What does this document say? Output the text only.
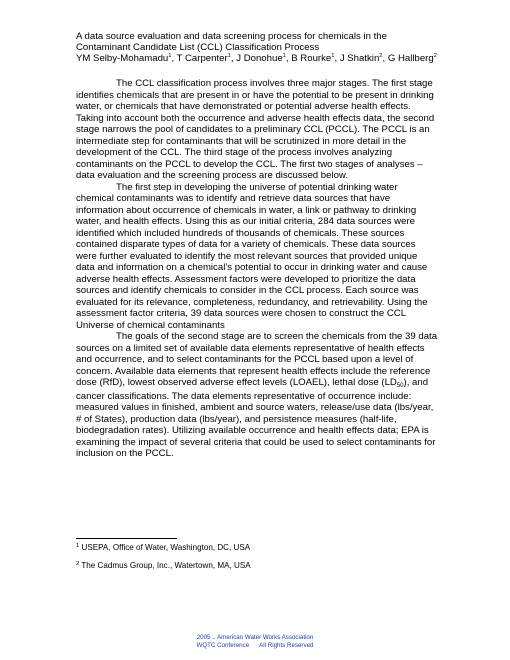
A data source evaluation and data screening process for chemicals in the
Contaminant Candidate List (CCL) Classification Process
YM Selby-Mohamadu$^1$, T Carpenter$^1$, J Donohue$^1$, B Rourke$^1$, J Shatkin$^2$, G Hallberg$^2$

The CCL classification process involves three major stages. The first stage identifies chemicals that are present in or have the potential to be present in drinking water, or chemicals that have demonstrated or potential adverse health effects. Taking into account both the occurrence and adverse health effects data, the second stage narrows the pool of candidates to a preliminary CCL (PCCL). The PCCL is an intermediate step for contaminants that will be scrutinized in more detail in the development of the CCL. The third stage of the process involves analyzing contaminants on the PCCL to develop the CCL. The first two stages of analyses – data evaluation and the screening process are discussed below.

The first step in developing the universe of potential drinking water chemical contaminants was to identify and retrieve data sources that have information about occurrence of chemicals in water, a link or pathway to drinking water, and health effects. Using this as our initial criteria, 284 data sources were identified which included hundreds of thousands of chemicals. These sources contained disparate types of data for a variety of chemicals. These data sources were further evaluated to identify the most relevant sources that provided unique data and information on a chemical’s potential to occur in drinking water and cause adverse health effects. Assessment factors were developed to prioritize the data sources and identify chemicals to consider in the CCL process. Each source was evaluated for its relevance, completeness, redundancy, and retrievability. Using the assessment factor criteria, 39 data sources were chosen to construct the CCL Universe of chemical contaminants

The goals of the second stage are to screen the chemicals from the 39 data sources on a limited set of available data elements representative of health effects and occurrence, and to select contaminants for the PCCL based upon a level of concern. Available data elements that represent health effects include the reference dose (RfD), lowest observed adverse effect levels (LOAEL), lethal dose $(LD_{50})$, and cancer classifications. The data elements representative of occurrence include: measured values in finished, ambient and source waters, release/use data (lbs/year, # of States), production data (lbs/year), and persistence measures (half-life, biodegradation rates). Utilizing available occurrence and health effects data; EPA is examining the impact of several criteria that could be used to select contaminants for inclusion on the PCCL.

$^1$ USEPA, Office of Water, Washington, DC, USA
$^2$ The Cadmus Group, Inc., Watertown, MA, USA
2005 .. American Water Works Association
WQTC Conference All Rights Reserved
